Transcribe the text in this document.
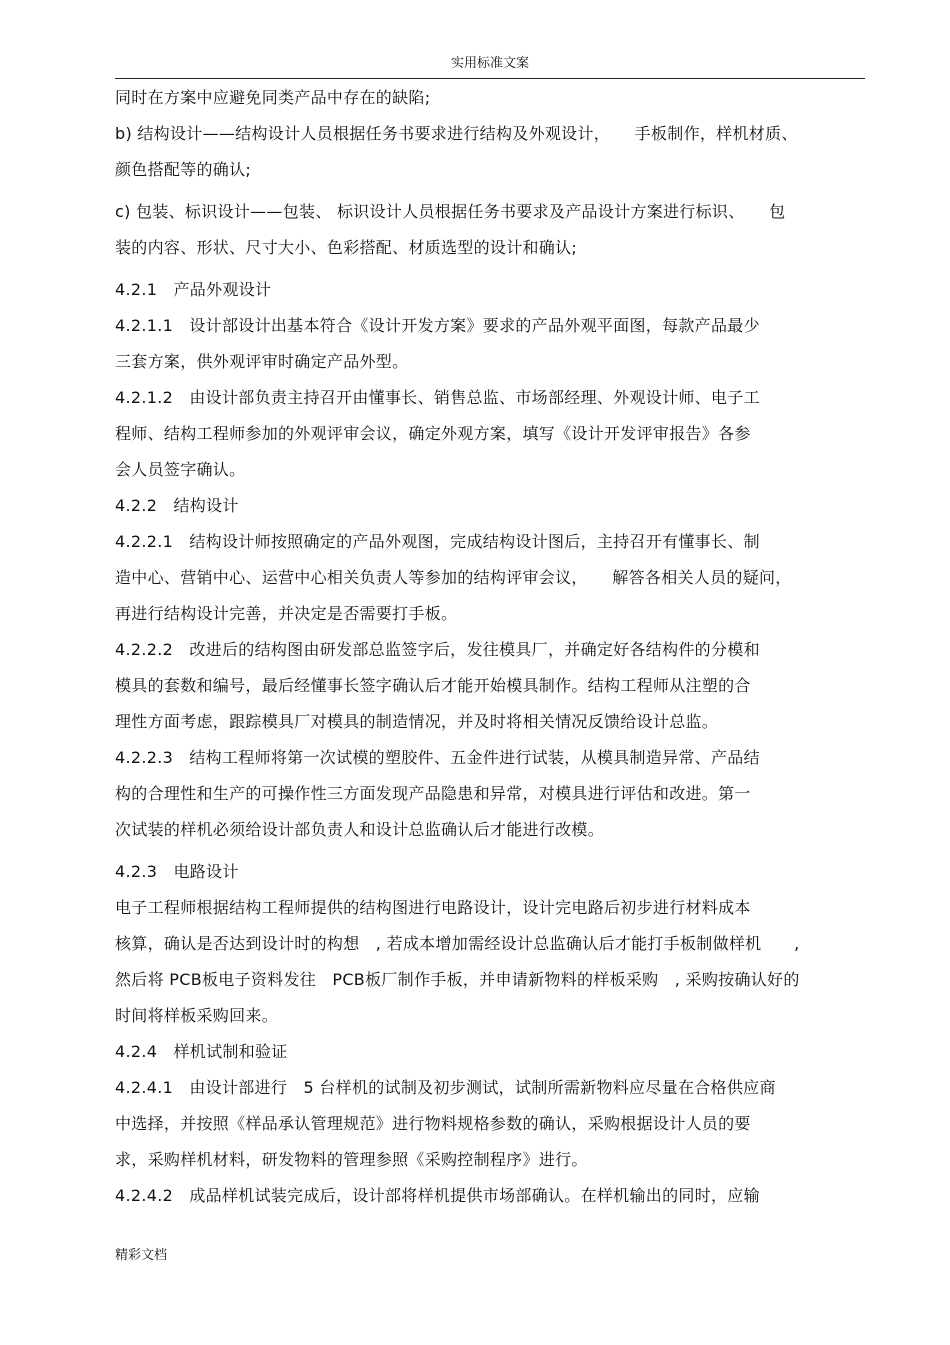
实用标准文案
同时在方案中应避免同类产品中存在的缺陷;
b) 结构设计——结构设计人员根据任务书要求进行结构及外观设计，　　手板制作，样机材质、
颜色搭配等的确认;
c) 包装、标识设计——包装、 标识设计人员根据任务书要求及产品设计方案进行标识、　　包
装的内容、形状、尺寸大小、色彩搭配、材质选型的设计和确认;
4.2.1　产品外观设计
4.2.1.1　设计部设计出基本符合《设计开发方案》要求的产品外观平面图，每款产品最少
三套方案，供外观评审时确定产品外型。
4.2.1.2　由设计部负责主持召开由懂事长、销售总监、市场部经理、外观设计师、电子工
程师、结构工程师参加的外观评审会议，确定外观方案，填写《设计开发评审报告》各参
会人员签字确认。
4.2.2　结构设计
4.2.2.1　结构设计师按照确定的产品外观图，完成结构设计图后，主持召开有懂事长、制
造中心、营销中心、运营中心相关负责人等参加的结构评审会议，　　解答各相关人员的疑问，
再进行结构设计完善，并决定是否需要打手板。
4.2.2.2　改进后的结构图由研发部总监签字后，发往模具厂，并确定好各结构件的分模和
模具的套数和编号，最后经懂事长签字确认后才能开始模具制作。结构工程师从注塑的合
理性方面考虑，跟踪模具厂对模具的制造情况，并及时将相关情况反馈给设计总监。
4.2.2.3　结构工程师将第一次试模的塑胶件、五金件进行试装，从模具制造异常、产品结
构的合理性和生产的可操作性三方面发现产品隐患和异常，对模具进行评估和改进。第一
次试装的样机必须给设计部负责人和设计总监确认后才能进行改模。
4.2.3　电路设计
电子工程师根据结构工程师提供的结构图进行电路设计，设计完电路后初步进行材料成本
核算，确认是否达到设计时的构想　, 若成本增加需经设计总监确认后才能打手板制做样机　　,
然后将 PCB板电子资料发往　PCB板厂制作手板，并申请新物料的样板采购　, 采购按确认好的
时间将样板采购回来。
4.2.4　样机试制和验证
4.2.4.1　由设计部进行　5 台样机的试制及初步测试，试制所需新物料应尽量在合格供应商
中选择，并按照《样品承认管理规范》进行物料规格参数的确认，采购根据设计人员的要
求，采购样机材料，研发物料的管理参照《采购控制程序》进行。
4.2.4.2　成品样机试装完成后，设计部将样机提供市场部确认。在样机输出的同时，应输
精彩文档
